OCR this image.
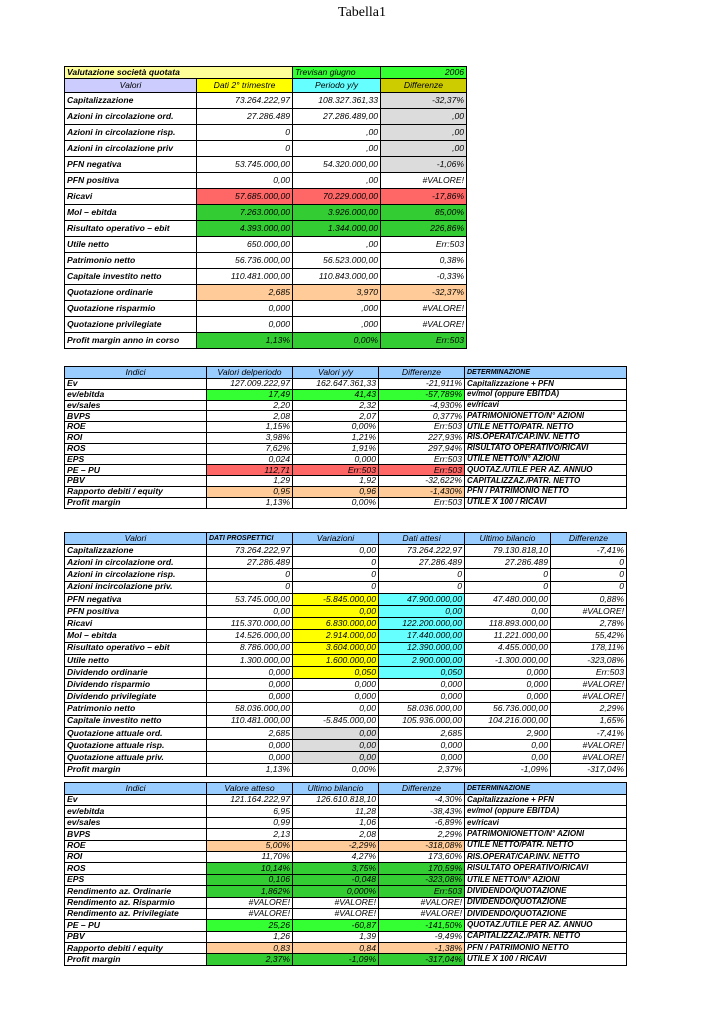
Tabella1
Valutazione società quotata		Trevisan giugno	2006
Valori	Dati 2° trimestre	Periodo y/y	Differenze
Capitalizzazione	73.264.222,97	108.327.361,33	-32,37%
Azioni in circolazione ord.	27.286.489	27.286.489,00	,00
Azioni in circolazione risp.	0	,00	,00
Azioni in circolazione priv	0	,00	,00
PFN negativa	53.745.000,00	54.320.000,00	-1,06%
PFN positiva	0,00	,00	#VALORE!
Ricavi	57.685.000,00	70.229.000,00	-17,86%
Mol – ebitda	7.263.000,00	3.926.000,00	85,00%
Risultato operativo – ebit	4.393.000,00	1.344.000,00	226,86%
Utile netto	650.000,00	,00	Err:503
Patrimonio netto	56.736.000,00	56.523.000,00	0,38%
Capitale investito netto	110.481.000,00	110.843.000,00	-0,33%
Quotazione ordinarie	2,685	3,970	-32,37%
Quotazione risparmio	0,000	,000	#VALORE!
Quotazione privilegiate	0,000	,000	#VALORE!
Profit margin anno in corso	1,13%	0,00%	Err:503
Indici	Valori delperiodo	Valori y/y	Differenze	DETERMINAZIONE
Ev	127.009.222,97	162.647.361,33	-21,911%	Capitalizzazione + PFN
ev/ebitda	17,49	41,43	-57,789%	ev/mol (oppure EBITDA)
ev/sales	2,20	2,32	-4,930%	ev/ricavi
BVPS	2,08	2,07	0,377%	PATRIMONIONETTO/N° AZIONI
ROE	1,15%	0,00%	Err:503	UTILE NETTO/PATR. NETTO
ROI	3,98%	1,21%	227,93%	RIS.OPERAT/CAP.INV. NETTO
ROS	7,62%	1,91%	297,94%	RISULTATO OPERATIVO/RICAVI
EPS	0,024	0,000	Err:503	UTILE NETTO/N° AZIONI
PE – PU	112,71	Err:503	Err:503	QUOTAZ./UTILE PER AZ. ANNUO
PBV	1,29	1,92	-32,622%	CAPITALIZZAZ./PATR. NETTO
Rapporto debiti / equity	0,95	0,96	-1,430%	PFN / PATRIMONIO NETTO
Profit margin	1,13%	0,00%	Err:503	UTILE X 100 / RICAVI
Valori	DATI PROSPETTICI	Variazioni	Dati attesi	Ultimo bilancio	Differenze
Capitalizzazione	73.264.222,97	0,00	73.264.222,97	79.130.818,10	-7,41%
Azioni in circolazione ord.	27.286.489	0	27.286.489	27.286.489	0
Azioni in circolazione risp.	0	0	0	0	0
Azioni incircolazione priv.	0	0	0	0	0
PFN negativa	53.745.000,00	-5.845.000,00	47.900.000,00	47.480.000,00	0,88%
PFN positiva	0,00	0,00	0,00	0,00	#VALORE!
Ricavi	115.370.000,00	6.830.000,00	122.200.000,00	118.893.000,00	2,78%
Mol – ebitda	14.526.000,00	2.914.000,00	17.440.000,00	11.221.000,00	55,42%
Risultato operativo – ebit	8.786.000,00	3.604.000,00	12.390.000,00	4.455.000,00	178,11%
Utile netto	1.300.000,00	1.600.000,00	2.900.000,00	-1.300.000,00	-323,08%
Dividendo ordinarie	0,000	0,050	0,050	0,000	Err:503
Dividendo risparmio	0,000	0,000	0,000	0,000	#VALORE!
Dividendo privilegiate	0,000	0,000	0,000	0,000	#VALORE!
Patrimonio netto	58.036.000,00	0,00	58.036.000,00	56.736.000,00	2,29%
Capitale investito netto	110.481.000,00	-5.845.000,00	105.936.000,00	104.216.000,00	1,65%
Quotazione attuale ord.	2,685	0,00	2,685	2,900	-7,41%
Quotazione attuale risp.	0,000	0,00	0,000	0,00	#VALORE!
Quotazione attuale priv.	0,000	0,00	0,000	0,00	#VALORE!
Profit margin	1,13%	0,00%	2,37%	-1,09%	-317,04%
Indici	Valore atteso	Ultimo bilancio	Differenze	DETERMINAZIONE
Ev	121.164.222,97	126.610.818,10	-4,30%	Capitalizzazione + PFN
ev/ebitda	6,95	11,28	-38,43%	ev/mol (oppure EBITDA)
ev/sales	0,99	1,06	-6,89%	ev/ricavi
BVPS	2,13	2,08	2,29%	PATRIMONIONETTO/N° AZIONI
ROE	5,00%	-2,29%	-318,08%	UTILE NETTO/PATR. NETTO
ROI	11,70%	4,27%	173,60%	RIS.OPERAT/CAP.INV. NETTO
ROS	10,14%	3,75%	170,59%	RISULTATO OPERATIVO/RICAVI
EPS	0,106	-0,048	-323,08%	UTILE NETTO/N° AZIONI
Rendimento az. Ordinarie	1,862%	0,000%	Err:503	DIVIDENDO/QUOTAZIONE
Rendimento az. Risparmio	#VALORE!	#VALORE!	#VALORE!	DIVIDENDO/QUOTAZIONE
Rendimento az. Privilegiate	#VALORE!	#VALORE!	#VALORE!	DIVIDENDO/QUOTAZIONE
PE – PU	25,26	-60,87	-141,50%	QUOTAZ./UTILE PER AZ. ANNUO
PBV	1,26	1,39	-9,49%	CAPITALIZZAZ./PATR. NETTO
Rapporto debiti / equity	0,83	0,84	-1,38%	PFN / PATRIMONIO NETTO
Profit margin	2,37%	-1,09%	-317,04%	UTILE X 100 / RICAVI
